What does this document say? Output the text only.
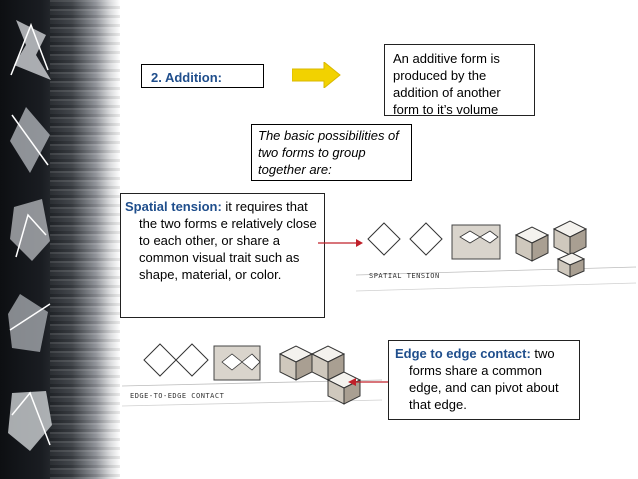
2. Addition:
An additive form is produced by the addition of another form to it’s volume
The basic possibilities of two forms to group together are:
Spatial tension: it requires that the two forms e relatively close to each other, or share a common visual trait such as shape, material, or color.	SPATIAL TENSION
EDGE-TO-EDGE CONTACT
Edge to edge contact: two forms share a common edge, and can pivot about that edge.
